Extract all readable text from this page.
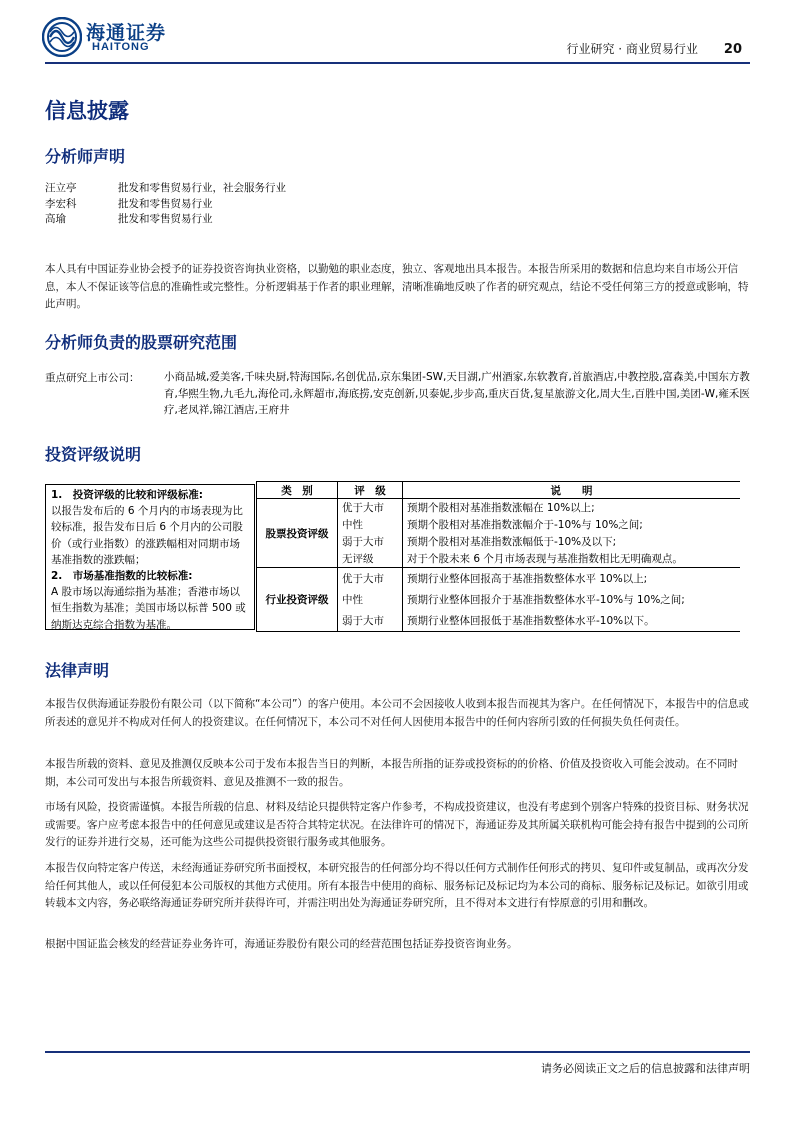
海通证券
HAITONG	行业研究 · 商业贸易行业 20
信息披露
分析师声明
汪立亭	批发和零售贸易行业，社会服务行业
李宏科	批发和零售贸易行业
高瑜	批发和零售贸易行业
本人具有中国证券业协会授予的证券投资咨询执业资格，以勤勉的职业态度，独立、客观地出具本报告。本报告所采用的数据和信息均来自市场公开信息，本人不保证该等信息的准确性或完整性。分析逻辑基于作者的职业理解，清晰准确地反映了作者的研究观点，结论不受任何第三方的授意或影响，特此声明。
分析师负责的股票研究范围
重点研究上市公司： 小商品城,爱美客,千味央厨,特海国际,名创优品,京东集团-SW,天目湖,广州酒家,东软教育,首旅酒店,中教控股,富森美,中国东方教育,华熙生物,九毛九,海伦司,永辉超市,海底捞,安克创新,贝泰妮,步步高,重庆百货,复星旅游文化,周大生,百胜中国,美团-W,雍禾医疗,老凤祥,锦江酒店,王府井
投资评级说明
1.　投资评级的比较和评级标准:
以报告发布后的 6 个月内的市场表现为比较标准，报告发布日后 6 个月内的公司股价（或行业指数）的涨跌幅相对同期市场基准指数的涨跌幅；
2.　市场基准指数的比较标准:
A 股市场以海通综指为基准；香港市场以恒生指数为基准；美国市场以标普 500 或纳斯达克综合指数为基准。
类　别	评　级	说　　明
股票投资评级	优于大市	预期个股相对基准指数涨幅在 10%以上;
	中性	预期个股相对基准指数涨幅介于-10%与 10%之间;
	弱于大市	预期个股相对基准指数涨幅低于-10%及以下;
	无评级	对于个股未来 6 个月市场表现与基准指数相比无明确观点。
行业投资评级	优于大市	预期行业整体回报高于基准指数整体水平 10%以上;
	中性	预期行业整体回报介于基准指数整体水平-10%与 10%之间;
	弱于大市	预期行业整体回报低于基准指数整体水平-10%以下。
法律声明
本报告仅供海通证券股份有限公司（以下简称“本公司”）的客户使用。本公司不会因接收人收到本报告而视其为客户。在任何情况下，本报告中的信息或所表述的意见并不构成对任何人的投资建议。在任何情况下，本公司不对任何人因使用本报告中的任何内容所引致的任何损失负任何责任。
本报告所载的资料、意见及推测仅反映本公司于发布本报告当日的判断，本报告所指的证券或投资标的的价格、价值及投资收入可能会波动。在不同时期，本公司可发出与本报告所载资料、意见及推测不一致的报告。
市场有风险，投资需谨慎。本报告所载的信息、材料及结论只提供特定客户作参考，不构成投资建议，也没有考虑到个别客户特殊的投资目标、财务状况或需要。客户应考虑本报告中的任何意见或建议是否符合其特定状况。在法律许可的情况下，海通证券及其所属关联机构可能会持有报告中提到的公司所发行的证券并进行交易，还可能为这些公司提供投资银行服务或其他服务。
本报告仅向特定客户传送，未经海通证券研究所书面授权，本研究报告的任何部分均不得以任何方式制作任何形式的拷贝、复印件或复制品，或再次分发给任何其他人，或以任何侵犯本公司版权的其他方式使用。所有本报告中使用的商标、服务标记及标记均为本公司的商标、服务标记及标记。如欲引用或转载本文内容，务必联络海通证券研究所并获得许可，并需注明出处为海通证券研究所，且不得对本文进行有悖原意的引用和删改。
根据中国证监会核发的经营证券业务许可，海通证券股份有限公司的经营范围包括证券投资咨询业务。
请务必阅读正文之后的信息披露和法律声明
